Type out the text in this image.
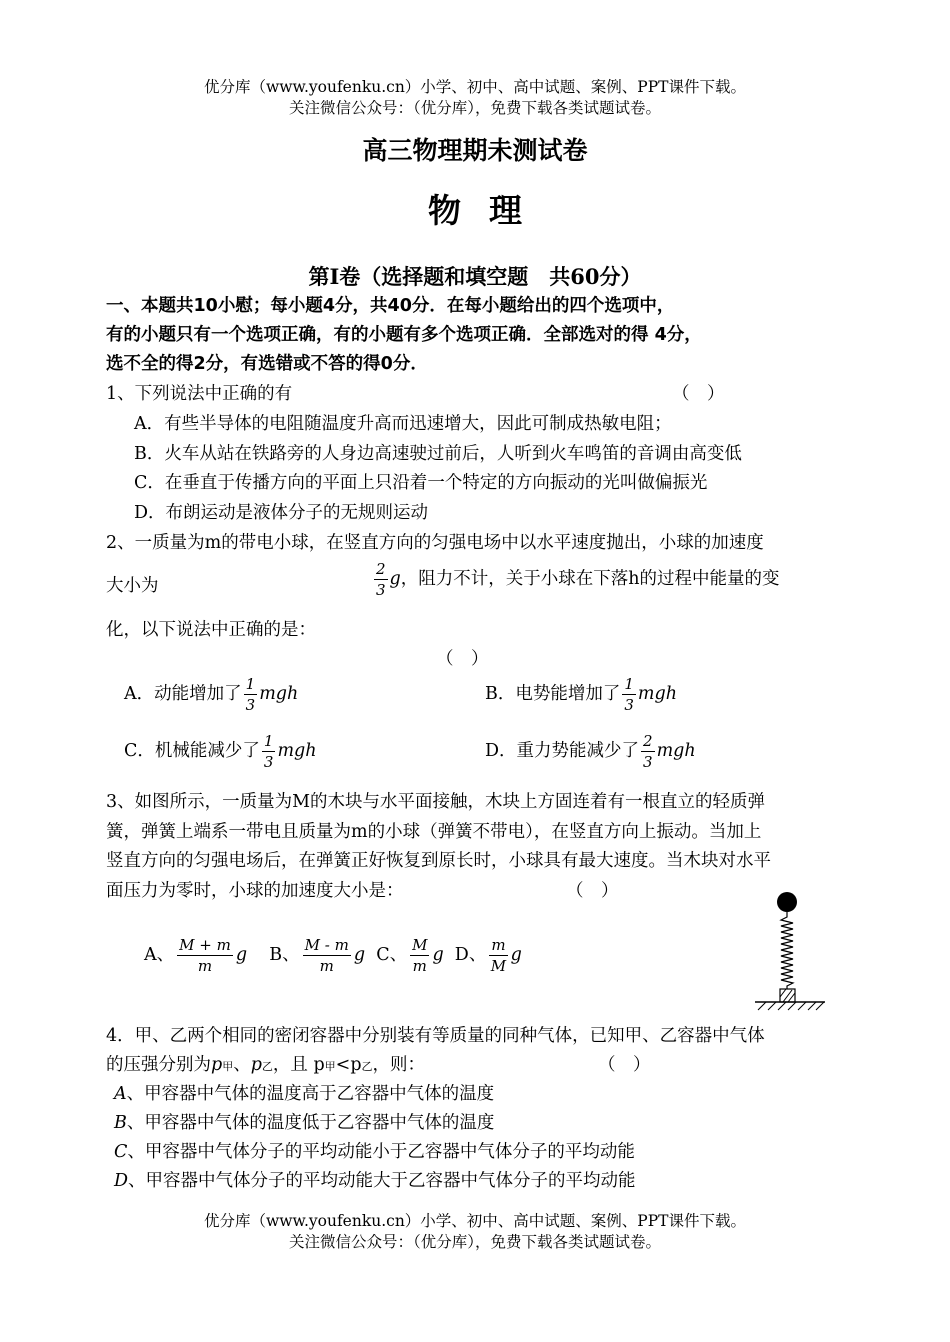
优分库（www.youfenku.cn）小学、初中、高中试题、案例、PPT课件下载。
关注微信公众号：（优分库），免费下载各类试题试卷。
高三物理期未测试卷
物理
第Ⅰ卷（选择题和填空题　共60分）
一、本题共10小慰；每小题4分，共40分．在每小题给出的四个选项中，
有的小题只有一个选项正确，有的小题有多个选项正确．全部选对的得 4分，
选不全的得2分，有选错或不答的得0分．
1、下列说法中正确的有	（　）
A．有些半导体的电阻随温度升高而迅速增大，因此可制成热敏电阻；
B．火车从站在铁路旁的人身边高速驶过前后，人听到火车鸣笛的音调由高变低
C．在垂直于传播方向的平面上只沿着一个特定的方向振动的光叫做偏振光
D．布朗运动是液体分子的无规则运动
2、一质量为m的带电小球，在竖直方向的匀强电场中以水平速度抛出，小球的加速度
大小为	$\frac{2}{3}$ g，阻力不计，关于小球在下落h的过程中能量的变
化，以下说法中正确的是：
（　）
A．动能增加了 $\frac{1}{3}$ mgh	B．电势能增加了 $\frac{1}{3}$ mgh
C．机械能减少了 $\frac{1}{3}$ mgh	D．重力势能减少了 $\frac{2}{3}$ mgh
3、如图所示，一质量为M的木块与水平面接触，木块上方固连着有一根直立的轻质弹
簧，弹簧上端系一带电且质量为m的小球（弹簧不带电），在竖直方向上振动。当加上
竖直方向的匀强电场后，在弹簧正好恢复到原长时，小球具有最大速度。当木块对水平
面压力为零时，小球的加速度大小是：	（　）
A、 $\frac{M + m}{m}$ g B、 $\frac{M - m}{m}$ g C、 $\frac{M}{m}$ g D、 $\frac{m}{M}$ g
4．甲、乙两个相同的密闭容器中分别装有等质量的同种气体，已知甲、乙容器中气体
的压强分别为p甲、p乙，且 p甲<p乙，则：	（　）
A、甲容器中气体的温度高于乙容器中气体的温度
B、甲容器中气体的温度低于乙容器中气体的温度
C、甲容器中气体分子的平均动能小于乙容器中气体分子的平均动能
D、甲容器中气体分子的平均动能大于乙容器中气体分子的平均动能
优分库（www.youfenku.cn）小学、初中、高中试题、案例、PPT课件下载。
关注微信公众号：（优分库），免费下载各类试题试卷。
